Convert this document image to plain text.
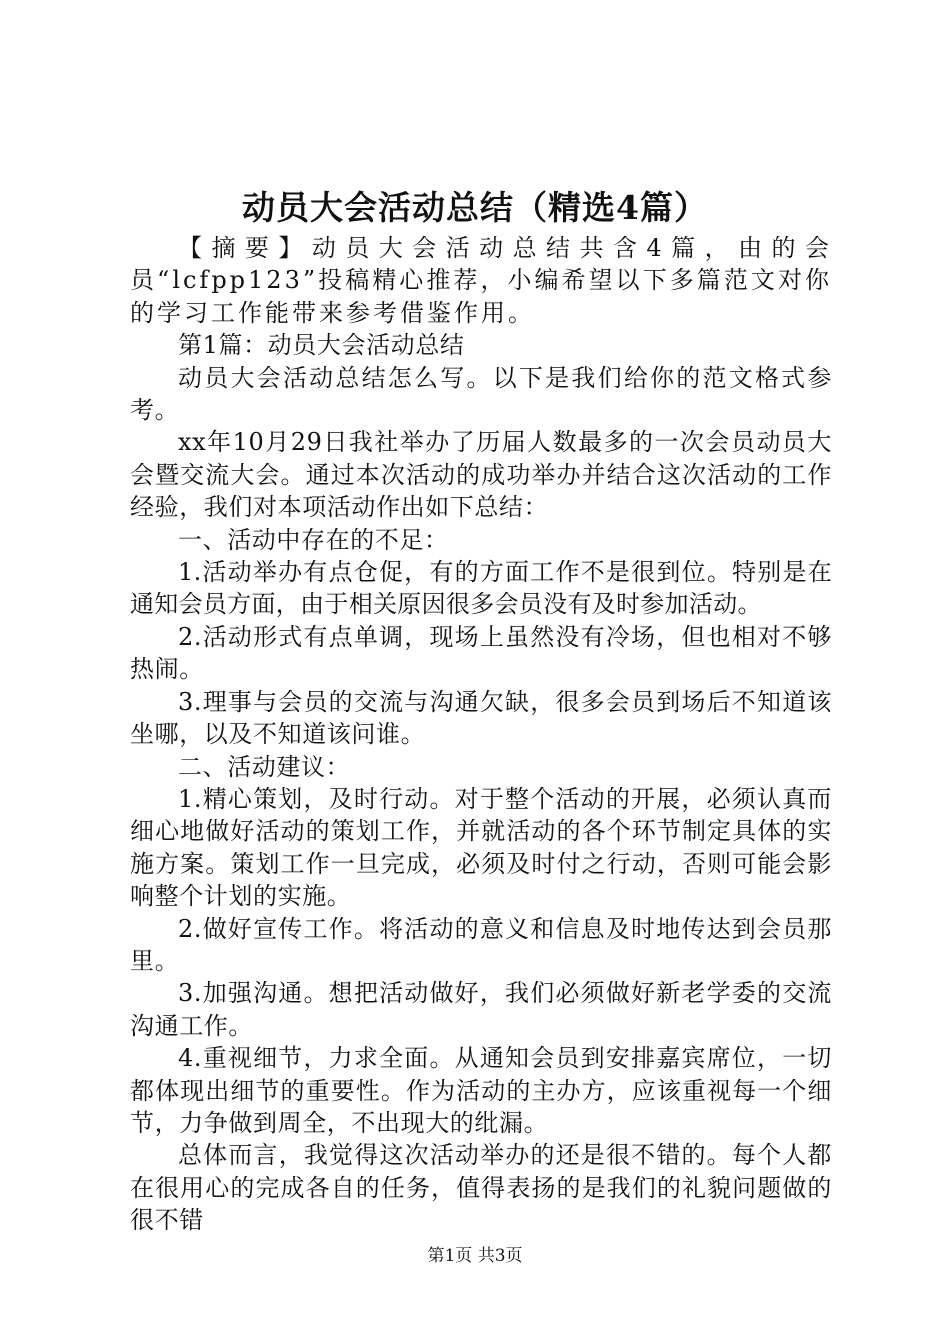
动员大会活动总结（精选4篇）

【摘要】动员大会活动总结共含4篇，由的会员“lcfpp123”投稿精心推荐，小编希望以下多篇范文对你的学习工作能带来参考借鉴作用。

第1篇：动员大会活动总结

动员大会活动总结怎么写。以下是我们给你的范文格式参考。

xx年10月29日我社举办了历届人数最多的一次会员动员大会暨交流大会。通过本次活动的成功举办并结合这次活动的工作经验，我们对本项活动作出如下总结：

一、活动中存在的不足：

1.活动举办有点仓促，有的方面工作不是很到位。特别是在通知会员方面，由于相关原因很多会员没有及时参加活动。

2.活动形式有点单调，现场上虽然没有冷场，但也相对不够热闹。

3.理事与会员的交流与沟通欠缺，很多会员到场后不知道该坐哪，以及不知道该问谁。

二、活动建议：

1.精心策划，及时行动。对于整个活动的开展，必须认真而细心地做好活动的策划工作，并就活动的各个环节制定具体的实施方案。策划工作一旦完成，必须及时付之行动，否则可能会影响整个计划的实施。

2.做好宣传工作。将活动的意义和信息及时地传达到会员那里。

3.加强沟通。想把活动做好，我们必须做好新老学委的交流沟通工作。

4.重视细节，力求全面。从通知会员到安排嘉宾席位，一切都体现出细节的重要性。作为活动的主办方，应该重视每一个细节，力争做到周全，不出现大的纰漏。

总体而言，我觉得这次活动举办的还是很不错的。每个人都在很用心的完成各自的任务，值得表扬的是我们的礼貌问题做的很不错

第1页 共3页
